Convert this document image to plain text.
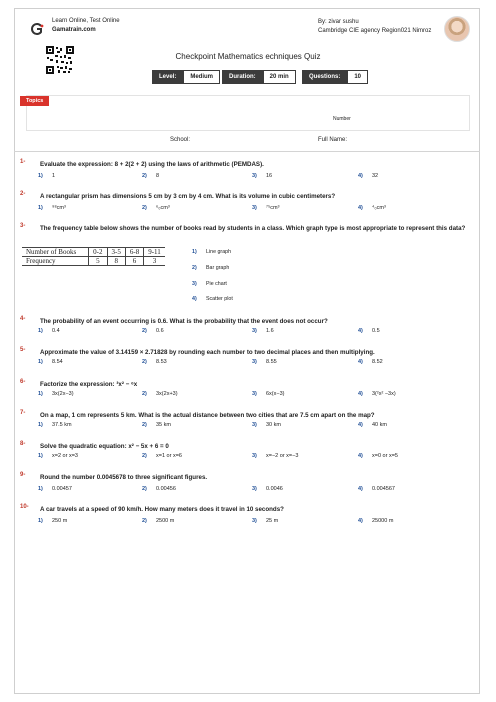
Learn Online, Test Online
Gamatrain.com
By: zivar sushu
Cambridge CIE agency Region021 Nimroz
Checkpoint Mathematics echniques Quiz
Level:	Medium	Duration:	20 min	Questions:	10
Topics
Number
School:	Full Name:
1- Evaluate the expression: 8 + 2(2 + 2) using the laws of arithmetic (PEMDAS).
1) 1	2) 8	3) 16	4) 32
2- A rectangular prism has dimensions 5 cm by 3 cm by 4 cm. What is its volume in cubic centimeters?
1) ⁹⁸cm³	2) ⁶₀cm³	3) ⁷⁵cm³	4) ⁴₀cm³
3- The frequency table below shows the number of books read by students in a class. Which graph type is most appropriate to represent this data?
Number of Books	0-2	3-5	6-8	9-11
Frequency	5	8	6	3
1) Line graph
2) Bar graph
3) Pie chart
4) Scatter plot
4- The probability of an event occurring is 0.6. What is the probability that the event does not occur?
1) 0.4	2) 0.6	3) 1.6	4) 0.5
5- Approximate the value of 3.14159 × 2.71828 by rounding each number to two decimal places and then multiplying.
1) 8.54	2) 8.53	3) 8.55	4) 8.52
6- Factorize the expression: ³x² − ⁶x
1) 3x(2x−3)	2) 3x(2x+3)	3) 6x(x−3)	4) 3(²x² −3x)
7- On a map, 1 cm represents 5 km. What is the actual distance between two cities that are 7.5 cm apart on the map?
1) 37.5 km	2) 35 km	3) 30 km	4) 40 km
8- Solve the quadratic equation: x² − 5x + 6 = 0
1) x=2 or x=3	2) x=1 or x=6	3) x=−2 or x=−3	4) x=0 or x=5
9- Round the number 0.0045678 to three significant figures.
1) 0.00457	2) 0.00456	3) 0.0046	4) 0.004567
10- A car travels at a speed of 90 km/h. How many meters does it travel in 10 seconds?
1) 250 m	2) 2500 m	3) 25 m	4) 25000 m
